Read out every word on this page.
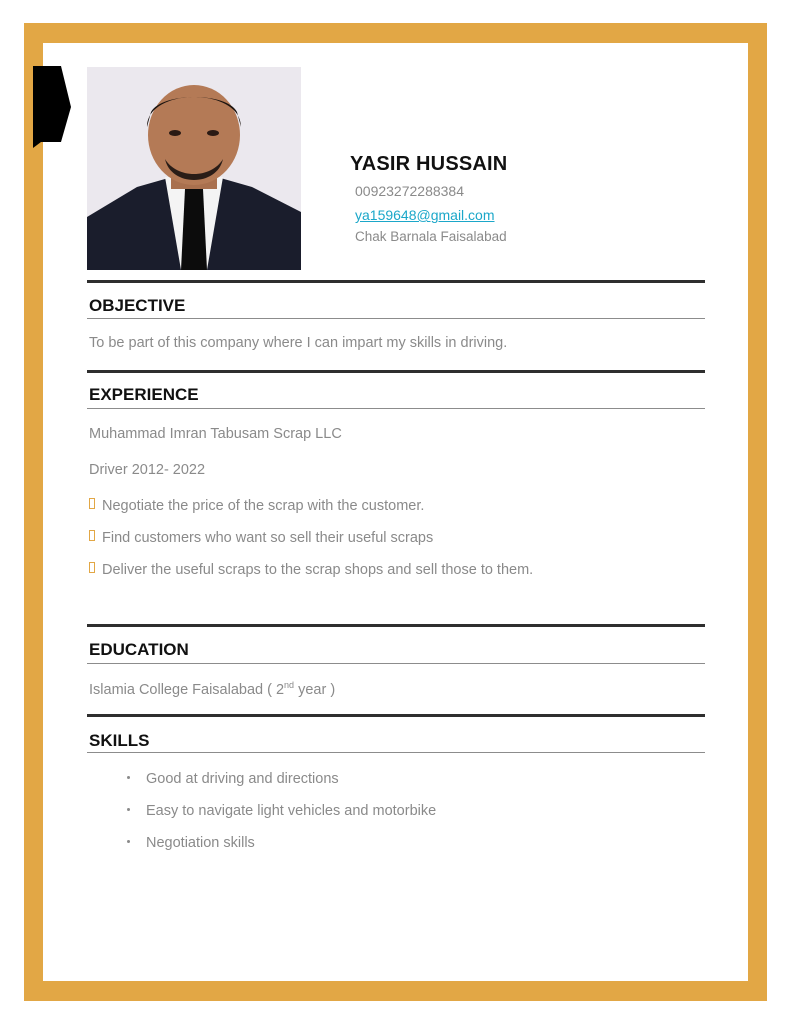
YASIR HUSSAIN
00923272288384
ya159648@gmail.com
Chak Barnala Faisalabad
OBJECTIVE
To be part of this company where I can impart my skills in driving.
EXPERIENCE
Muhammad Imran Tabusam Scrap LLC
Driver 2012- 2022
Negotiate the price of the scrap with the customer.
Find customers who want so sell their useful scraps
Deliver the useful scraps to the scrap shops and sell those to them.
EDUCATION
Islamia College Faisalabad ( 2nd year )
SKILLS
Good at driving and directions
Easy to navigate light vehicles and motorbike
Negotiation skills
